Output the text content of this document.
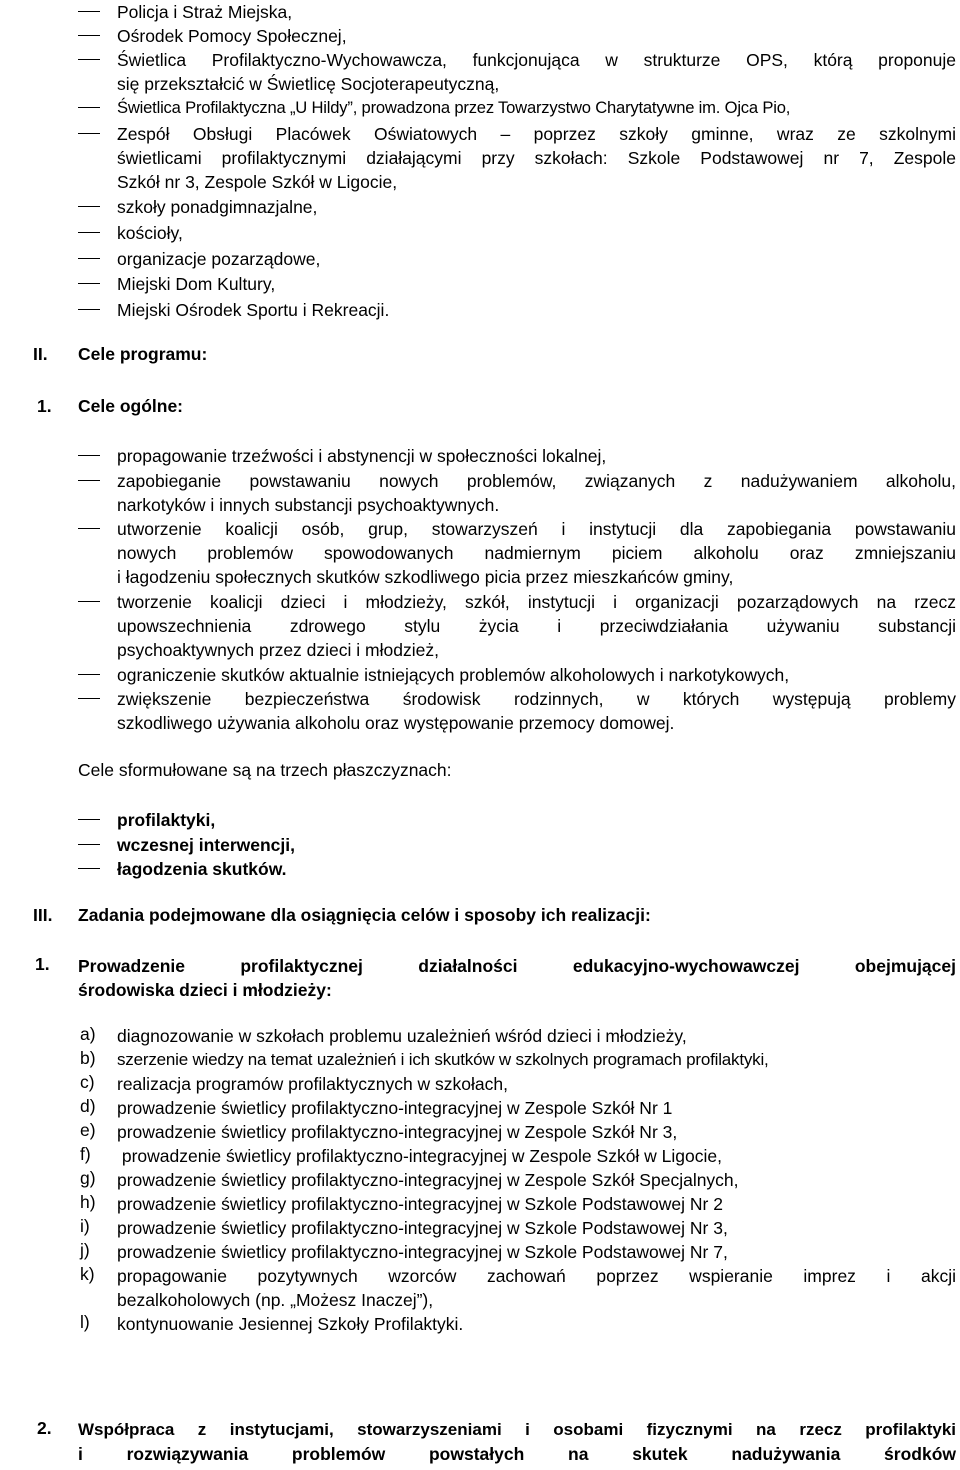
Policja i Straż Miejska,
Ośrodek Pomocy Społecznej,
Świetlica Profilaktyczno-Wychowawcza, funkcjonująca w strukturze OPS, którą proponuje
się przekształcić w Świetlicę Socjoterapeutyczną,
Świetlica Profilaktyczna „U Hildy”, prowadzona przez Towarzystwo Charytatywne im. Ojca Pio,
Zespół Obsługi Placówek Oświatowych – poprzez szkoły gminne, wraz ze szkolnymi
świetlicami profilaktycznymi działającymi przy szkołach: Szkole Podstawowej nr 7, Zespole
Szkół nr 3, Zespole Szkół w Ligocie,
szkoły ponadgimnazjalne,
kościoły,
organizacje pozarządowe,
Miejski Dom Kultury,
Miejski Ośrodek Sportu i Rekreacji.
II. Cele programu:
1. Cele ogólne:
propagowanie trzeźwości i abstynencji w społeczności lokalnej,
zapobieganie powstawaniu nowych problemów, związanych z nadużywaniem alkoholu,
narkotyków i innych substancji psychoaktywnych.
utworzenie koalicji osób, grup, stowarzyszeń i instytucji dla zapobiegania powstawaniu
nowych problemów spowodowanych nadmiernym piciem alkoholu oraz zmniejszaniu
i łagodzeniu społecznych skutków szkodliwego picia przez mieszkańców gminy,
tworzenie koalicji dzieci i młodzieży, szkół, instytucji i organizacji pozarządowych na rzecz
upowszechnienia zdrowego stylu życia i przeciwdziałania używaniu substancji
psychoaktywnych przez dzieci i młodzież,
ograniczenie skutków aktualnie istniejących problemów alkoholowych i narkotykowych,
zwiększenie bezpieczeństwa środowisk rodzinnych, w których występują problemy
szkodliwego używania alkoholu oraz występowanie przemocy domowej.
Cele sformułowane są na trzech płaszczyznach:
profilaktyki,
wczesnej interwencji,
łagodzenia skutków.
III. Zadania podejmowane dla osiągnięcia celów i sposoby ich realizacji:
1. Prowadzenie profilaktycznej działalności edukacyjno-wychowawczej obejmującej
środowiska dzieci i młodzieży:
a) diagnozowanie w szkołach problemu uzależnień wśród dzieci i młodzieży,
b) szerzenie wiedzy na temat uzależnień i ich skutków w szkolnych programach profilaktyki,
c) realizacja programów profilaktycznych w szkołach,
d) prowadzenie świetlicy profilaktyczno-integracyjnej w Zespole Szkół Nr 1
e) prowadzenie świetlicy profilaktyczno-integracyjnej w Zespole Szkół Nr 3,
f) prowadzenie świetlicy profilaktyczno-integracyjnej w Zespole Szkół w Ligocie,
g) prowadzenie świetlicy profilaktyczno-integracyjnej w Zespole Szkół Specjalnych,
h) prowadzenie świetlicy profilaktyczno-integracyjnej w Szkole Podstawowej Nr 2
i) prowadzenie świetlicy profilaktyczno-integracyjnej w Szkole Podstawowej Nr 3,
j) prowadzenie świetlicy profilaktyczno-integracyjnej w Szkole Podstawowej Nr 7,
k) propagowanie pozytywnych wzorców zachowań poprzez wspieranie imprez i akcji
bezalkoholowych (np. „Możesz Inaczej”),
l) kontynuowanie Jesiennej Szkoły Profilaktyki.
2. Współpraca z instytucjami, stowarzyszeniami i osobami fizycznymi na rzecz profilaktyki
i rozwiązywania problemów powstałych na skutek nadużywania środków
